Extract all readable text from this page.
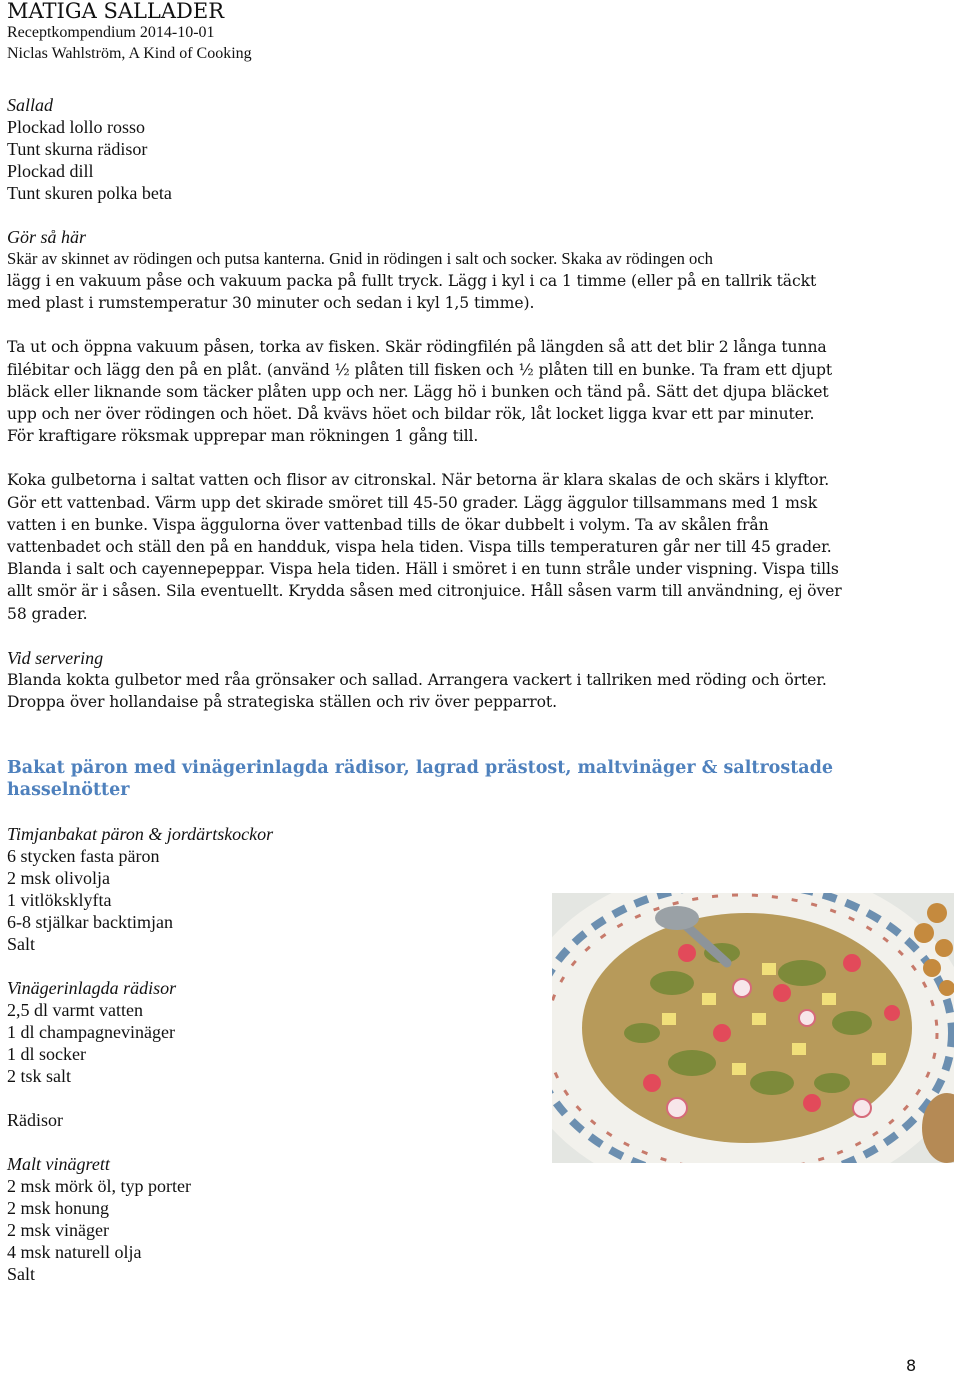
MATIGA SALLADER
Receptkompendium 2014-10-01
Niclas Wahlström, A Kind of Cooking
Sallad
Plockad lollo rosso
Tunt skurna rädisor
Plockad dill
Tunt skuren polka beta
Gör så här
Skär av skinnet av rödingen och putsa kanterna. Gnid in rödingen i salt och socker. Skaka av rödingen och
lägg i en vakuum påse och vakuum packa på fullt tryck. Lägg i kyl i ca 1 timme (eller på en tallrik täckt
med plast i rumstemperatur 30 minuter och sedan i kyl 1,5 timme).
Ta ut och öppna vakuum påsen, torka av fisken. Skär rödingfilén på längden så att det blir 2 långa tunna
filébitar och lägg den på en plåt. (använd ½ plåten till fisken och ½ plåten till en bunke. Ta fram ett djupt
bläck eller liknande som täcker plåten upp och ner. Lägg hö i bunken och tänd på. Sätt det djupa bläcket
upp och ner över rödingen och höet. Då kvävs höet och bildar rök, låt locket ligga kvar ett par minuter.
För kraftigare röksmak upprepar man rökningen 1 gång till.
Koka gulbetorna i saltat vatten och flisor av citronskal. När betorna är klara skalas de och skärs i klyftor.
Gör ett vattenbad. Värm upp det skirade smöret till 45-50 grader. Lägg äggulor tillsammans med 1 msk
vatten i en bunke. Vispa äggulorna över vattenbad tills de ökar dubbelt i volym. Ta av skålen från
vattenbadet och ställ den på en handduk, vispa hela tiden. Vispa tills temperaturen går ner till 45 grader.
Blanda i salt och cayennepeppar. Vispa hela tiden. Häll i smöret i en tunn stråle under vispning. Vispa tills
allt smör är i såsen. Sila eventuellt. Krydda såsen med citronjuice. Håll såsen varm till användning, ej över
58 grader.
Vid servering
Blanda kokta gulbetor med råa grönsaker och sallad. Arrangera vackert i tallriken med röding och örter.
Droppa över hollandaise på strategiska ställen och riv över pepparrot.
Bakat päron med vinägerinlagda rädisor, lagrad prästost, maltvinäger & saltrostade
hasselnötter
Timjanbakat päron & jordärtskockor
6 stycken fasta päron
2 msk olivolja
1 vitlöksklyfta
6-8 stjälkar backtimjan
Salt
Vinägerinlagda rädisor
2,5 dl varmt vatten
1 dl champagnevinäger
1 dl socker
2 tsk salt
Rädisor
Malt vinägrett
2 msk mörk öl, typ porter
2 msk honung
2 msk vinäger
4 msk naturell olja
Salt
8
